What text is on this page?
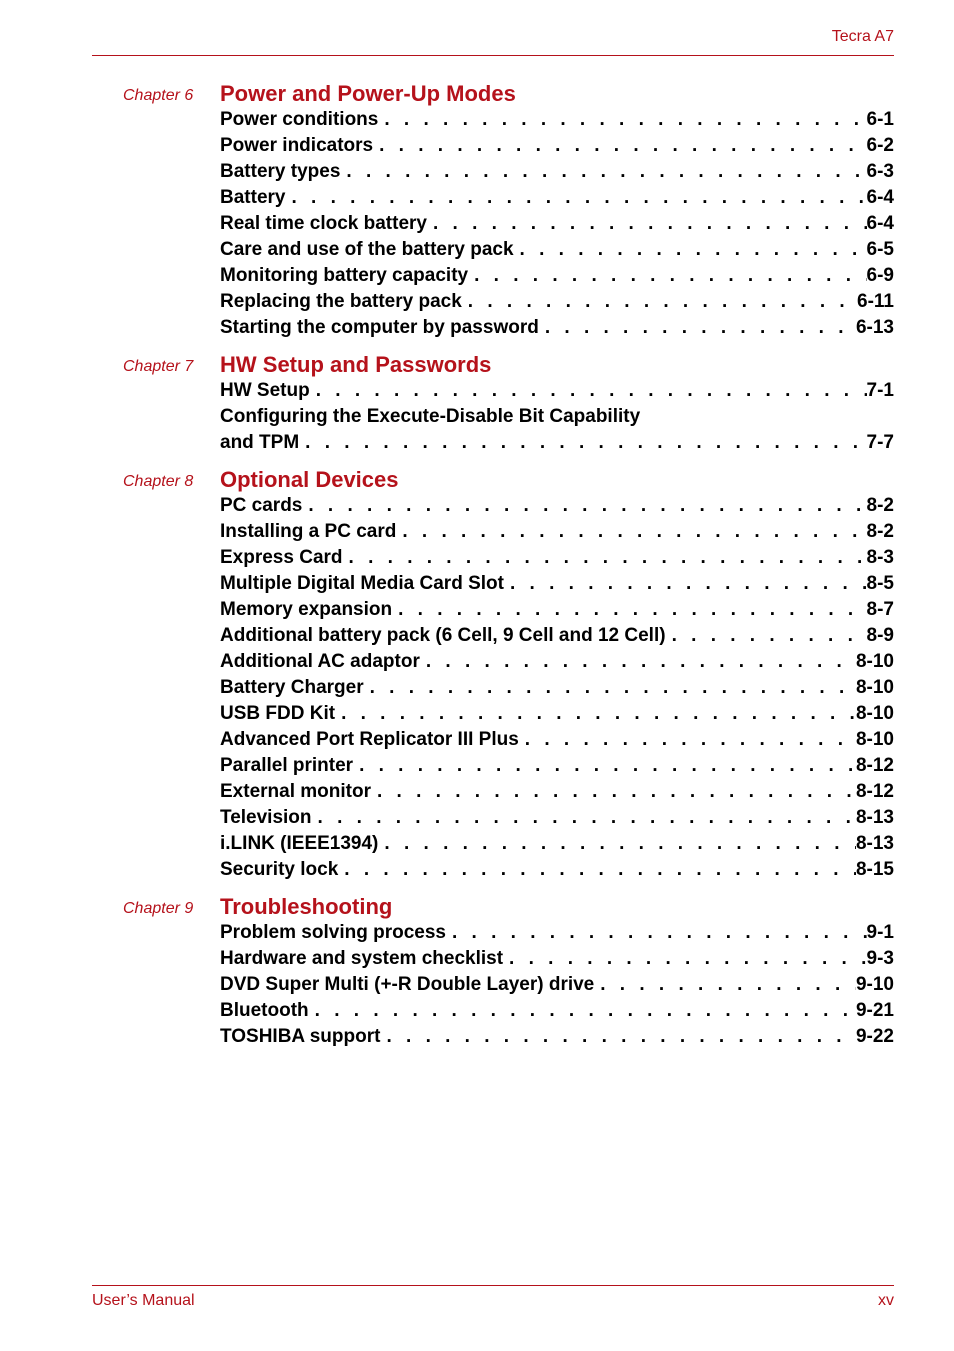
Tecra A7
Chapter 6 Power and Power-Up Modes
Power conditions . . .	6-1
Power indicators . . .	6-2
Battery types . . .	6-3
Battery . . .	6-4
Real time clock battery . . .	6-4
Care and use of the battery pack . . .	6-5
Monitoring battery capacity . . .	6-9
Replacing the battery pack . . .	6-11
Starting the computer by password . . .	6-13
Chapter 7 HW Setup and Passwords
HW Setup . . .	7-1
Configuring the Execute-Disable Bit Capability
and TPM . . .	7-7
Chapter 8 Optional Devices
PC cards . . .	8-2
Installing a PC card . . .	8-2
Express Card . . .	8-3
Multiple Digital Media Card Slot . . .	8-5
Memory expansion . . .	8-7
Additional battery pack (6 Cell, 9 Cell and 12 Cell) . . .	8-9
Additional AC adaptor . . .	8-10
Battery Charger . . .	8-10
USB FDD Kit . . .	8-10
Advanced Port Replicator III Plus . . .	8-10
Parallel printer . . .	8-12
External monitor . . .	8-12
Television . . .	8-13
i.LINK (IEEE1394) . . .	8-13
Security lock . . .	8-15
Chapter 9 Troubleshooting
Problem solving process . . .	9-1
Hardware and system checklist . . .	9-3
DVD Super Multi (+-R Double Layer) drive . . .	9-10
Bluetooth . . .	9-21
TOSHIBA support . . .	9-22
User’s Manual	xv
